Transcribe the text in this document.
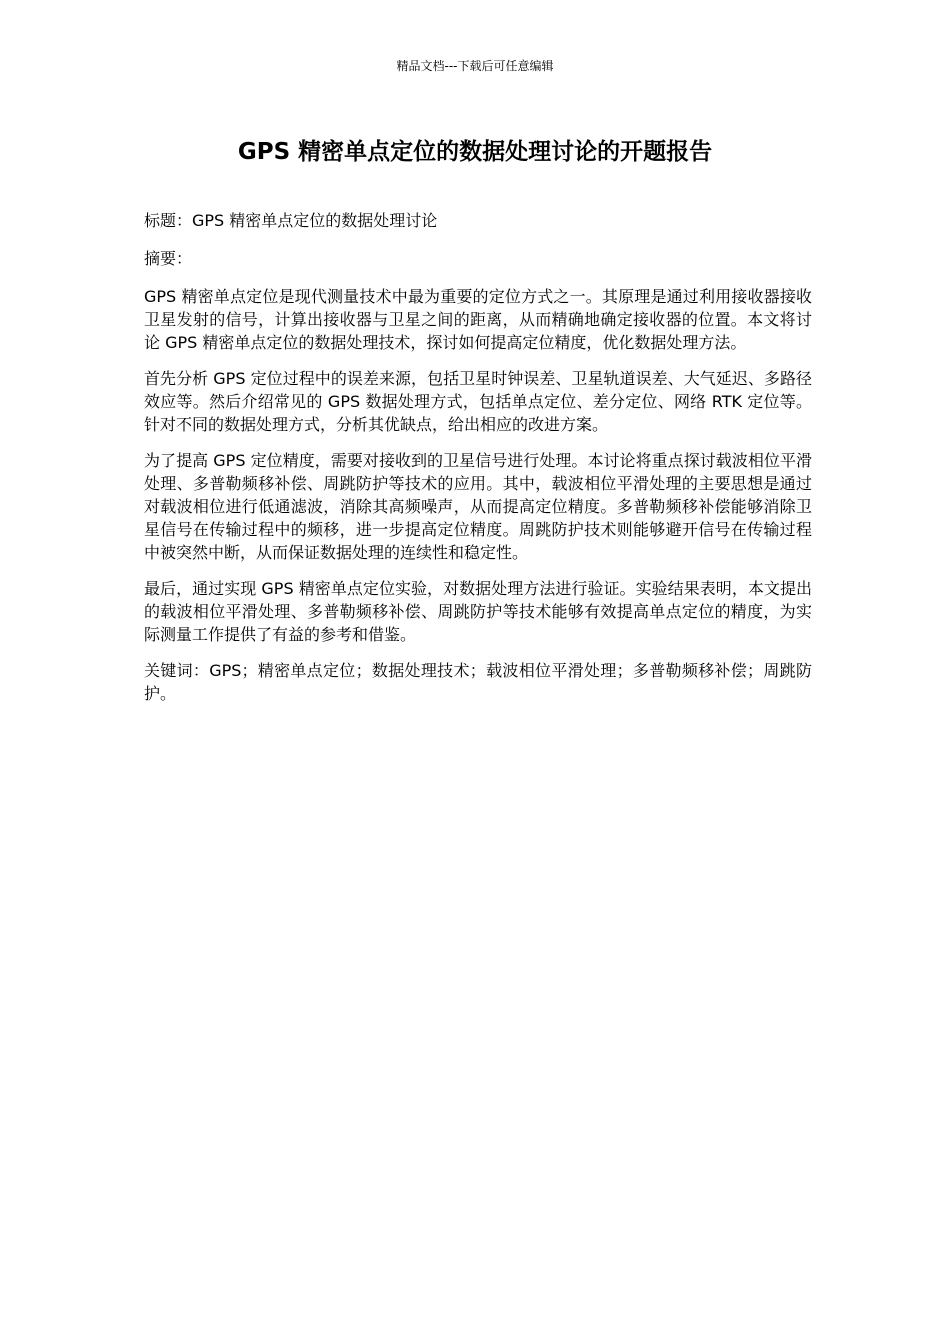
精品文档---下载后可任意编辑
GPS 精密单点定位的数据处理讨论的开题报告

标题：GPS 精密单点定位的数据处理讨论

摘要：

GPS 精密单点定位是现代测量技术中最为重要的定位方式之一。其原理是通过利用接收器接收卫星发射的信号，计算出接收器与卫星之间的距离，从而精确地确定接收器的位置。本文将讨论 GPS 精密单点定位的数据处理技术，探讨如何提高定位精度，优化数据处理方法。

首先分析 GPS 定位过程中的误差来源，包括卫星时钟误差、卫星轨道误差、大气延迟、多路径效应等。然后介绍常见的 GPS 数据处理方式，包括单点定位、差分定位、网络 RTK 定位等。针对不同的数据处理方式，分析其优缺点，给出相应的改进方案。

为了提高 GPS 定位精度，需要对接收到的卫星信号进行处理。本讨论将重点探讨载波相位平滑处理、多普勒频移补偿、周跳防护等技术的应用。其中，载波相位平滑处理的主要思想是通过对载波相位进行低通滤波，消除其高频噪声，从而提高定位精度。多普勒频移补偿能够消除卫星信号在传输过程中的频移，进一步提高定位精度。周跳防护技术则能够避开信号在传输过程中被突然中断，从而保证数据处理的连续性和稳定性。

最后，通过实现 GPS 精密单点定位实验，对数据处理方法进行验证。实验结果表明，本文提出的载波相位平滑处理、多普勒频移补偿、周跳防护等技术能够有效提高单点定位的精度，为实际测量工作提供了有益的参考和借鉴。

关键词：GPS；精密单点定位；数据处理技术；载波相位平滑处理；多普勒频移补偿；周跳防护。
